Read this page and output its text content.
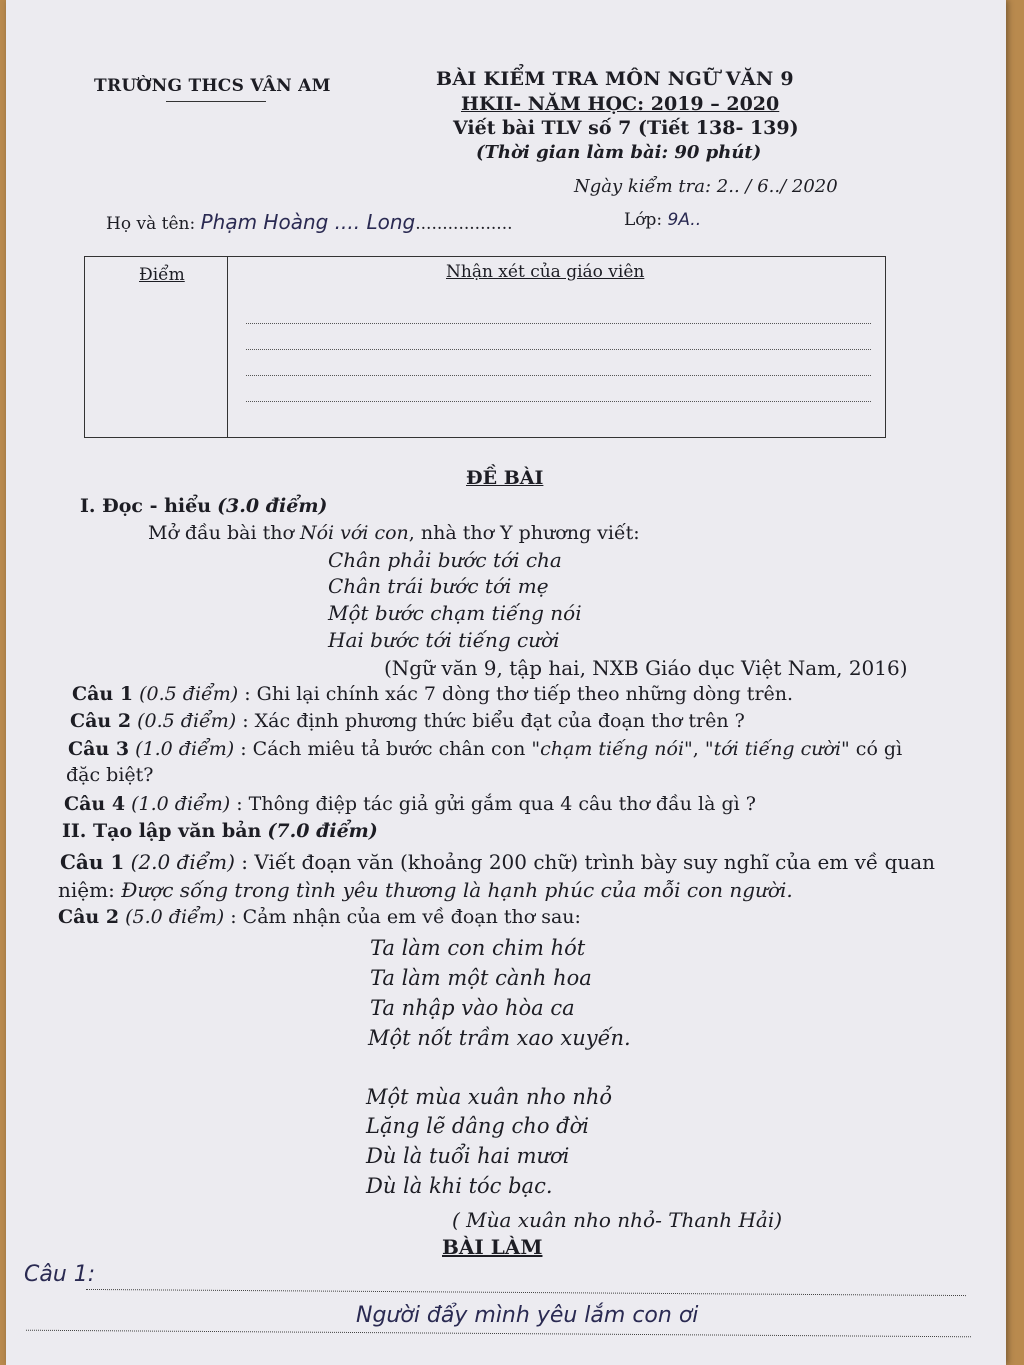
TRƯỜNG THCS VÂN AM	BÀI KIỂM TRA MÔN NGỮ VĂN 9
HKII- NĂM HỌC: 2019 – 2020
Viết bài TLV số 7 (Tiết 138- 139)
(Thời gian làm bài: 90 phút)
Ngày kiểm tra: 2.. / 6../ 2020
Họ và tên: Phạm Hoàng .... Long..................	Lớp: 9A..
Điểm	Nhận xét của giáo viên
ĐỀ BÀI
I. Đọc - hiểu (3.0 điểm)
Mở đầu bài thơ Nói với con, nhà thơ Y phương viết:
Chân phải bước tới cha
Chân trái bước tới mẹ
Một bước chạm tiếng nói
Hai bước tới tiếng cười
(Ngữ văn 9, tập hai, NXB Giáo dục Việt Nam, 2016)
Câu 1 (0.5 điểm) : Ghi lại chính xác 7 dòng thơ tiếp theo những dòng trên.
Câu 2 (0.5 điểm) : Xác định phương thức biểu đạt của đoạn thơ trên ?
Câu 3 (1.0 điểm) : Cách miêu tả bước chân con "chạm tiếng nói", "tới tiếng cười" có gì
đặc biệt?
Câu 4 (1.0 điểm) : Thông điệp tác giả gửi gắm qua 4 câu thơ đầu là gì ?
II. Tạo lập văn bản (7.0 điểm)
Câu 1 (2.0 điểm) : Viết đoạn văn (khoảng 200 chữ) trình bày suy nghĩ của em về quan
niệm: Được sống trong tình yêu thương là hạnh phúc của mỗi con người.
Câu 2 (5.0 điểm) : Cảm nhận của em về đoạn thơ sau:
Ta làm con chim hót
Ta làm một cành hoa
Ta nhập vào hòa ca
Một nốt trầm xao xuyến.
Một mùa xuân nho nhỏ
Lặng lẽ dâng cho đời
Dù là tuổi hai mươi
Dù là khi tóc bạc.
( Mùa xuân nho nhỏ- Thanh Hải)
BÀI LÀM
Câu 1:
Người đẩy mình yêu lắm con ơi
